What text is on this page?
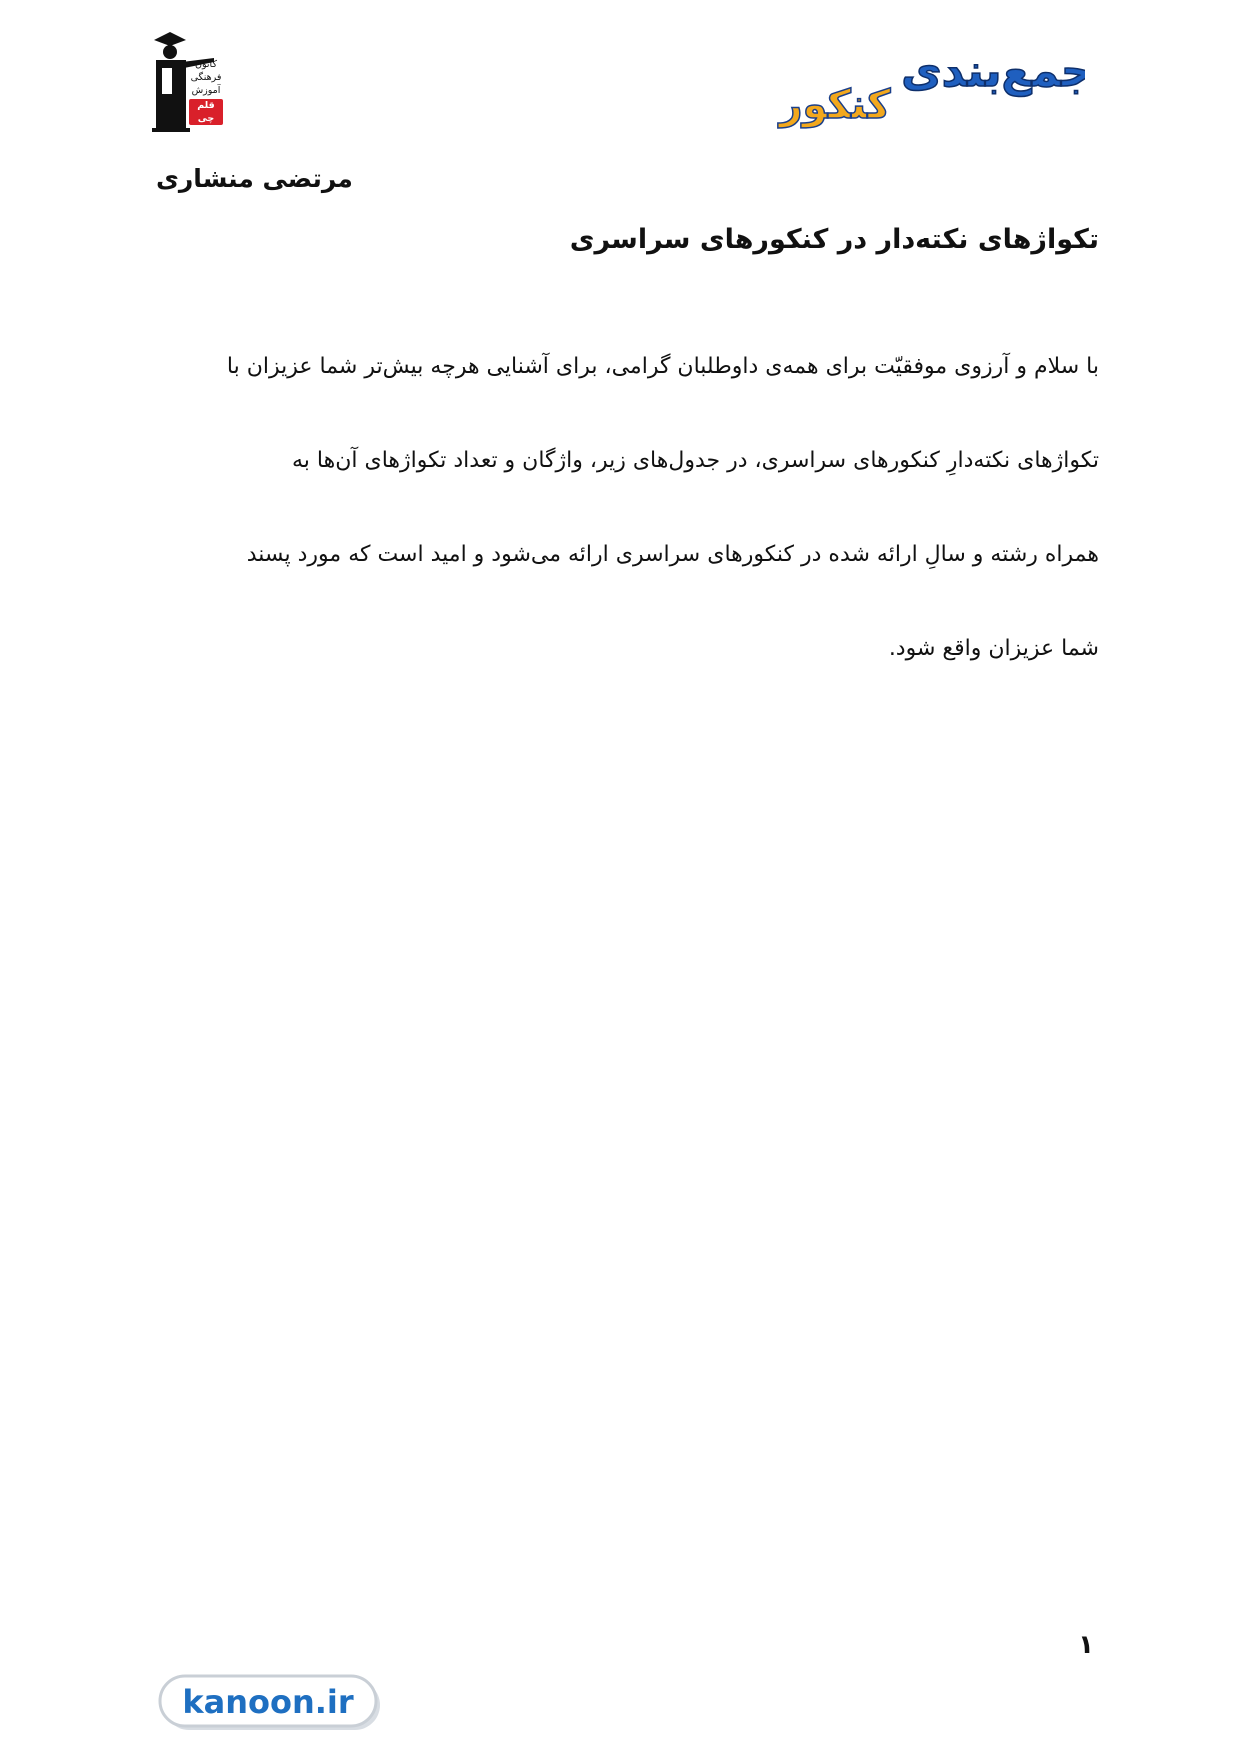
کانون
فرهنگی
آموزش
قلم چی
جمع‌بندی
کنکور
مرتضی منشاری
تکواژهای نکته‌دار در کنکورهای سراسری

با سلام و آرزوی موفقیّت برای همه‌ی داوطلبان گرامی، برای آشنایی هرچه بیش‌تر شما عزیزان با

تکواژهای نکته‌دارِ کنکورهای سراسری، در جدول‌های زیر، واژگان و تعداد تکواژهای آن‌ها به

همراه رشته و سالِ ارائه شده در کنکورهای سراسری ارائه می‌شود و امید است که مورد پسند

شما عزیزان واقع شود.

۱
kanoon.ir
